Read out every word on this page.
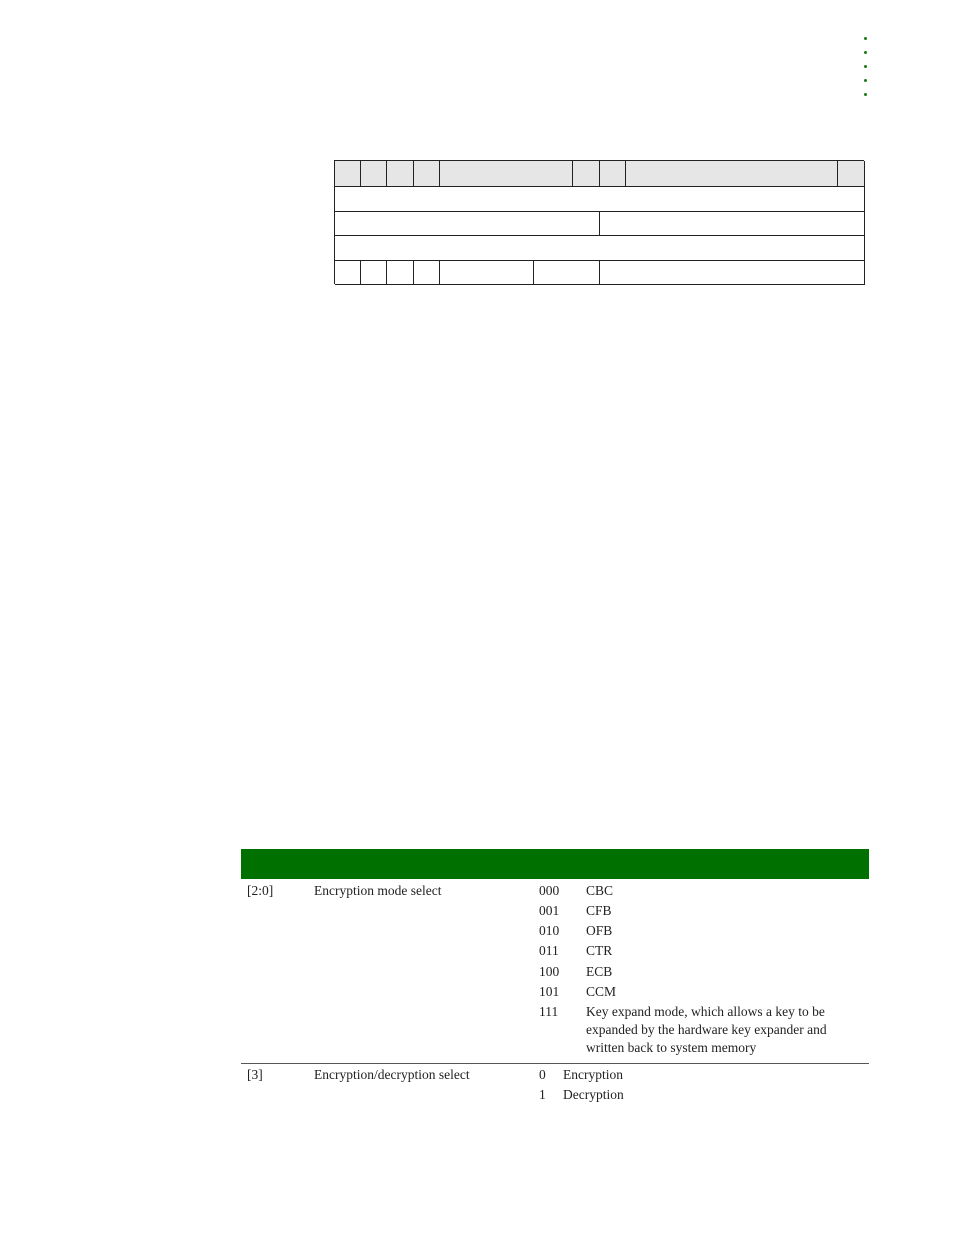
[2:0]	Encryption mode select	000 CBC
001 CFB
010 OFB
011 CTR
100 ECB
101 CCM
111 Key expand mode, which allows a key to be expanded by the hardware key expander and written back to system memory
[3]	Encryption/decryption select	0 Encryption
1 Decryption
